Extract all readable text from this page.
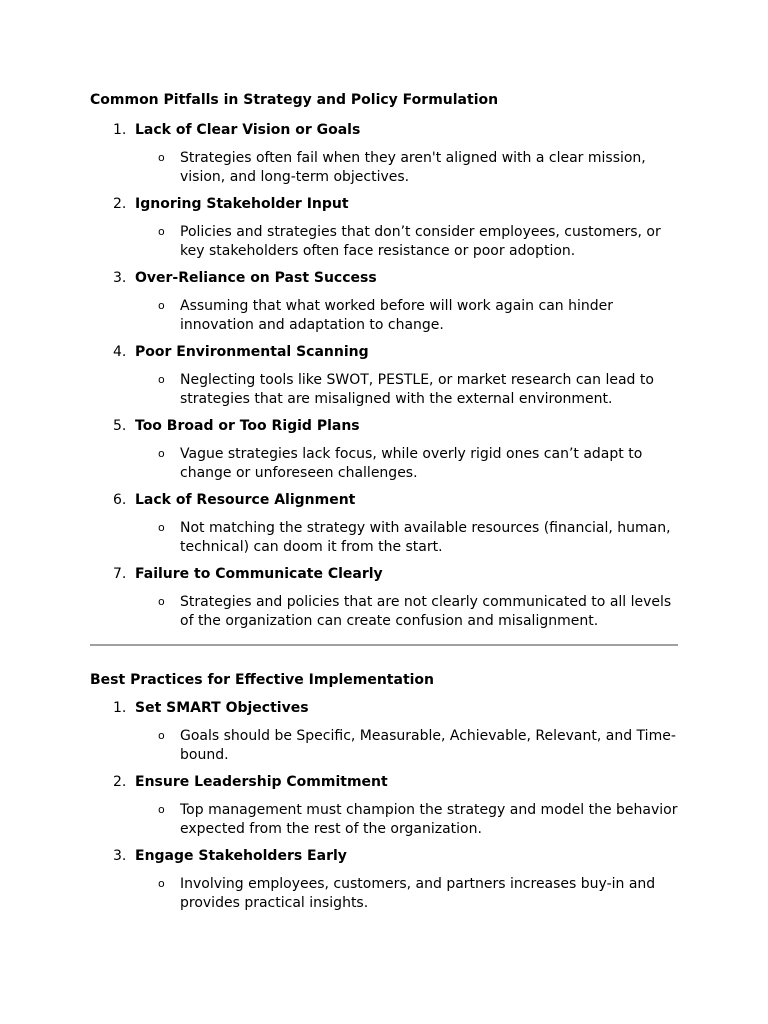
Common Pitfalls in Strategy and Policy Formulation
1. Lack of Clear Vision or Goals
o Strategies often fail when they aren't aligned with a clear mission, vision, and long-term objectives.
2. Ignoring Stakeholder Input
o Policies and strategies that don’t consider employees, customers, or key stakeholders often face resistance or poor adoption.
3. Over-Reliance on Past Success
o Assuming that what worked before will work again can hinder innovation and adaptation to change.
4. Poor Environmental Scanning
o Neglecting tools like SWOT, PESTLE, or market research can lead to strategies that are misaligned with the external environment.
5. Too Broad or Too Rigid Plans
o Vague strategies lack focus, while overly rigid ones can’t adapt to change or unforeseen challenges.
6. Lack of Resource Alignment
o Not matching the strategy with available resources (financial, human, technical) can doom it from the start.
7. Failure to Communicate Clearly
o Strategies and policies that are not clearly communicated to all levels of the organization can create confusion and misalignment.
Best Practices for Effective Implementation
1. Set SMART Objectives
o Goals should be Specific, Measurable, Achievable, Relevant, and Time-bound.
2. Ensure Leadership Commitment
o Top management must champion the strategy and model the behavior expected from the rest of the organization.
3. Engage Stakeholders Early
o Involving employees, customers, and partners increases buy-in and provides practical insights.
